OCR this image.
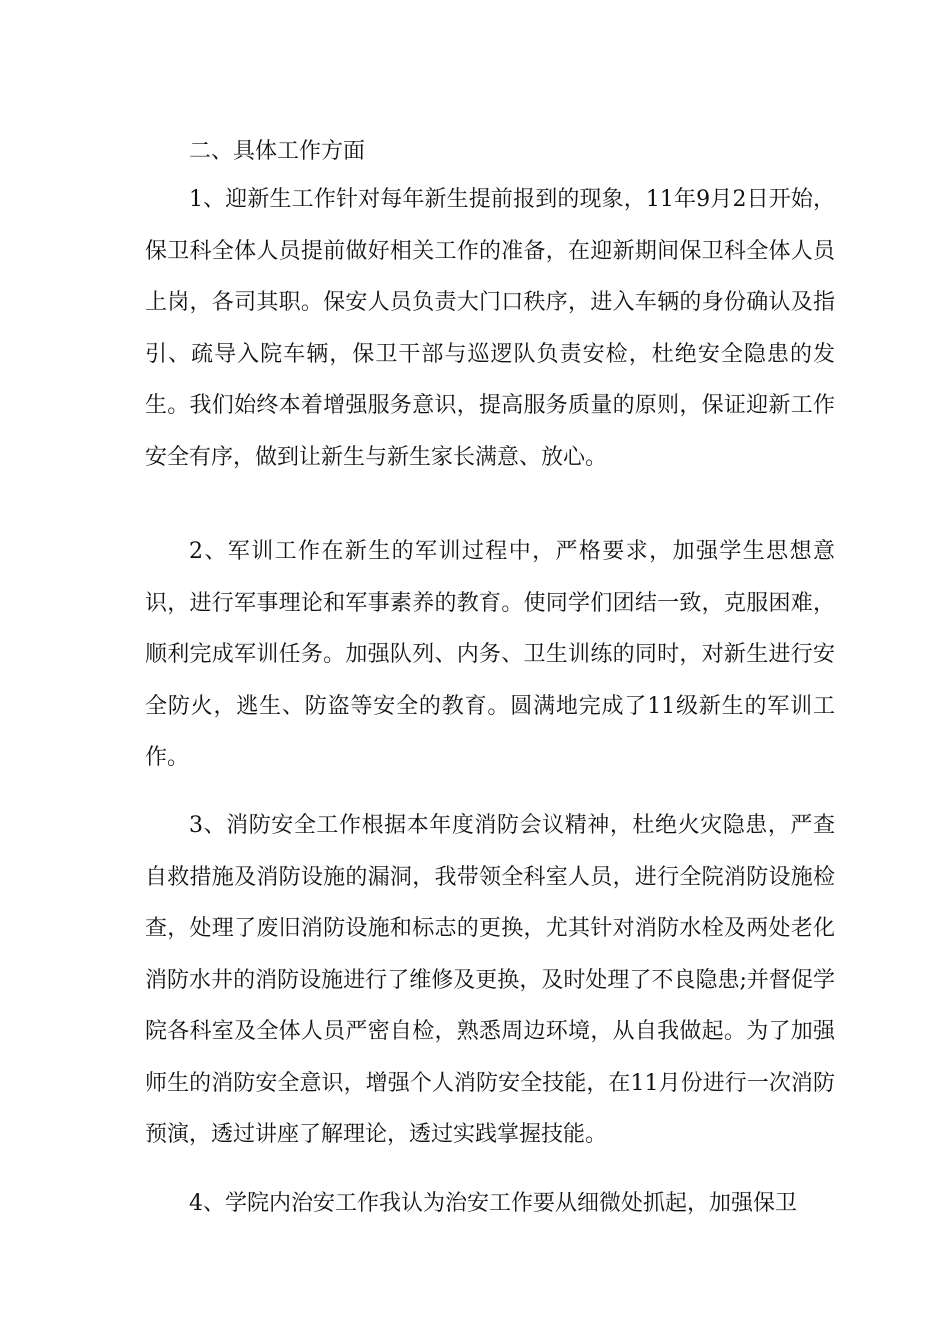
二、具体工作方面
1、迎新生工作针对每年新生提前报到的现象，11年9月2日开始，保卫科全体人员提前做好相关工作的准备，在迎新期间保卫科全体人员上岗，各司其职。保安人员负责大门口秩序，进入车辆的身份确认及指引、疏导入院车辆，保卫干部与巡逻队负责安检，杜绝安全隐患的发生。我们始终本着增强服务意识，提高服务质量的原则，保证迎新工作安全有序，做到让新生与新生家长满意、放心。
2、军训工作在新生的军训过程中，严格要求，加强学生思想意识，进行军事理论和军事素养的教育。使同学们团结一致，克服困难，顺利完成军训任务。加强队列、内务、卫生训练的同时，对新生进行安全防火，逃生、防盗等安全的教育。圆满地完成了11级新生的军训工作。
3、消防安全工作根据本年度消防会议精神，杜绝火灾隐患，严查自救措施及消防设施的漏洞，我带领全科室人员，进行全院消防设施检查，处理了废旧消防设施和标志的更换，尤其针对消防水栓及两处老化消防水井的消防设施进行了维修及更换，及时处理了不良隐患;并督促学院各科室及全体人员严密自检，熟悉周边环境，从自我做起。为了加强师生的消防安全意识，增强个人消防安全技能，在11月份进行一次消防预演，透过讲座了解理论，透过实践掌握技能。
4、学院内治安工作我认为治安工作要从细微处抓起，加强保卫
